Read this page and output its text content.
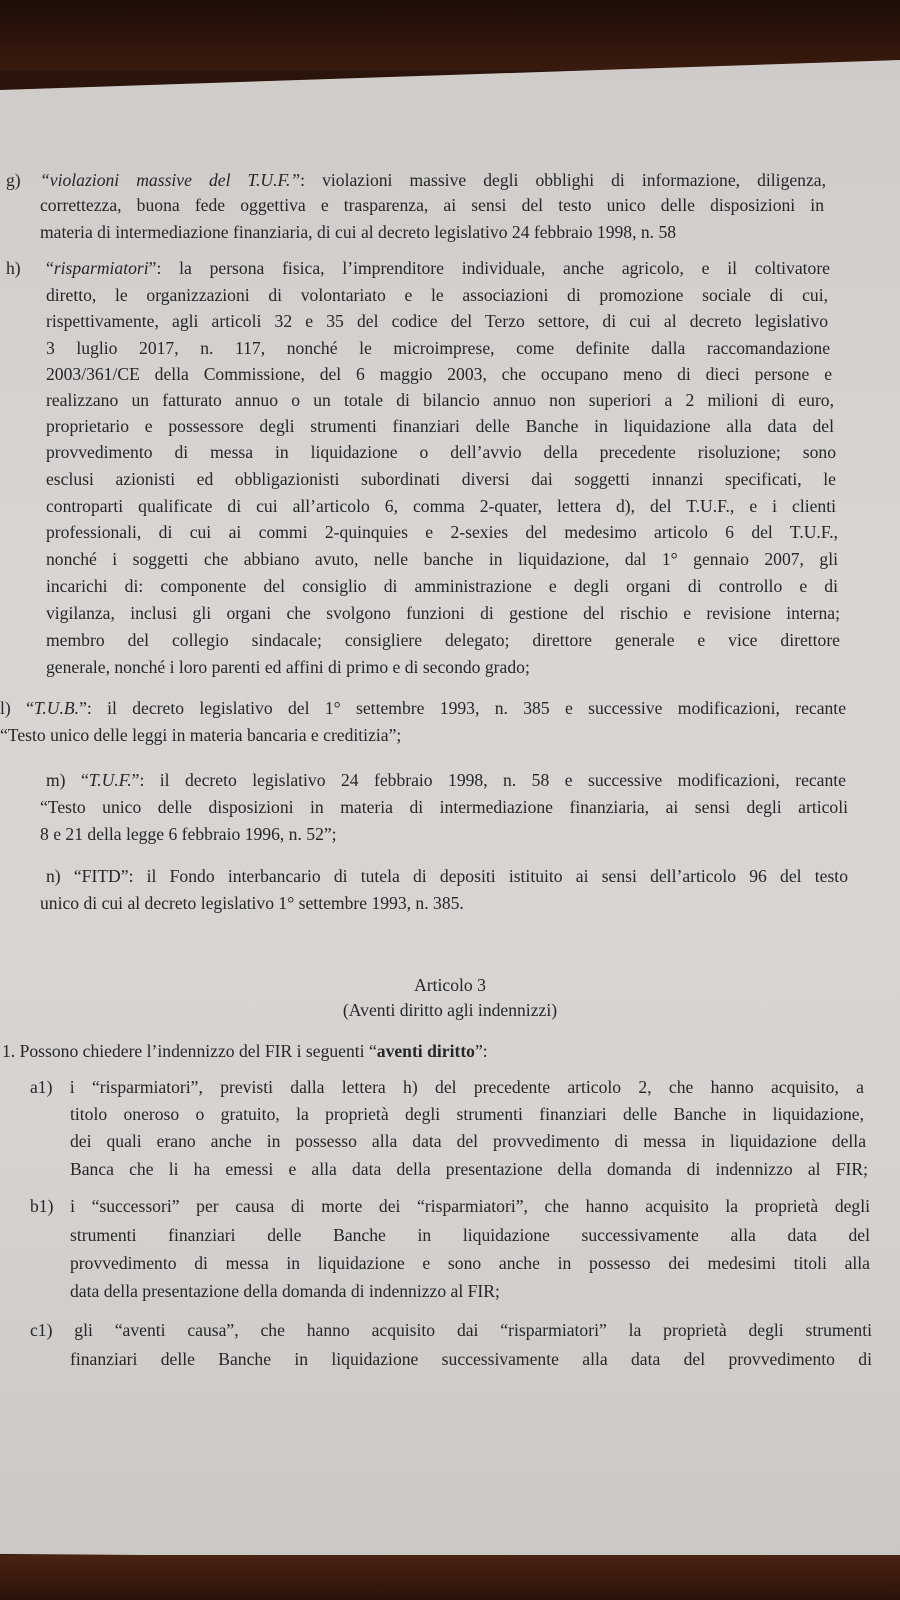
g) “violazioni massive del T.U.F.”: violazioni massive degli obblighi di informazione, diligenza,
correttezza, buona fede oggettiva e trasparenza, ai sensi del testo unico delle disposizioni in
materia di intermediazione finanziaria, di cui al decreto legislativo 24 febbraio 1998, n. 58
h) “risparmiatori”: la persona fisica, l’imprenditore individuale, anche agricolo, e il coltivatore
diretto, le organizzazioni di volontariato e le associazioni di promozione sociale di cui,
rispettivamente, agli articoli 32 e 35 del codice del Terzo settore, di cui al decreto legislativo
3 luglio 2017, n. 117, nonché le microimprese, come definite dalla raccomandazione
2003/361/CE della Commissione, del 6 maggio 2003, che occupano meno di dieci persone e
realizzano un fatturato annuo o un totale di bilancio annuo non superiori a 2 milioni di euro,
proprietario e possessore degli strumenti finanziari delle Banche in liquidazione alla data del
provvedimento di messa in liquidazione o dell’avvio della precedente risoluzione; sono
esclusi azionisti ed obbligazionisti subordinati diversi dai soggetti innanzi specificati, le
controparti qualificate di cui all’articolo 6, comma 2-quater, lettera d), del T.U.F., e i clienti
professionali, di cui ai commi 2-quinquies e 2-sexies del medesimo articolo 6 del T.U.F.,
nonché i soggetti che abbiano avuto, nelle banche in liquidazione, dal 1° gennaio 2007, gli
incarichi di: componente del consiglio di amministrazione e degli organi di controllo e di
vigilanza, inclusi gli organi che svolgono funzioni di gestione del rischio e revisione interna;
membro del collegio sindacale; consigliere delegato; direttore generale e vice direttore
generale, nonché i loro parenti ed affini di primo e di secondo grado;
l) “T.U.B.”: il decreto legislativo del 1° settembre 1993, n. 385 e successive modificazioni, recante
“Testo unico delle leggi in materia bancaria e creditizia”;
m) “T.U.F.”: il decreto legislativo 24 febbraio 1998, n. 58 e successive modificazioni, recante
“Testo unico delle disposizioni in materia di intermediazione finanziaria, ai sensi degli articoli
8 e 21 della legge 6 febbraio 1996, n. 52”;
n) “FITD”: il Fondo interbancario di tutela di depositi istituito ai sensi dell’articolo 96 del testo
unico di cui al decreto legislativo 1° settembre 1993, n. 385.
Articolo 3
(Aventi diritto agli indennizzi)
1. Possono chiedere l’indennizzo del FIR i seguenti “aventi diritto”:
a1) i “risparmiatori”, previsti dalla lettera h) del precedente articolo 2, che hanno acquisito, a
titolo oneroso o gratuito, la proprietà degli strumenti finanziari delle Banche in liquidazione,
dei quali erano anche in possesso alla data del provvedimento di messa in liquidazione della
Banca che li ha emessi e alla data della presentazione della domanda di indennizzo al FIR;
b1) i “successori” per causa di morte dei “risparmiatori”, che hanno acquisito la proprietà degli
strumenti finanziari delle Banche in liquidazione successivamente alla data del
provvedimento di messa in liquidazione e sono anche in possesso dei medesimi titoli alla
data della presentazione della domanda di indennizzo al FIR;
c1) gli “aventi causa”, che hanno acquisito dai “risparmiatori” la proprietà degli strumenti
finanziari delle Banche in liquidazione successivamente alla data del provvedimento di
